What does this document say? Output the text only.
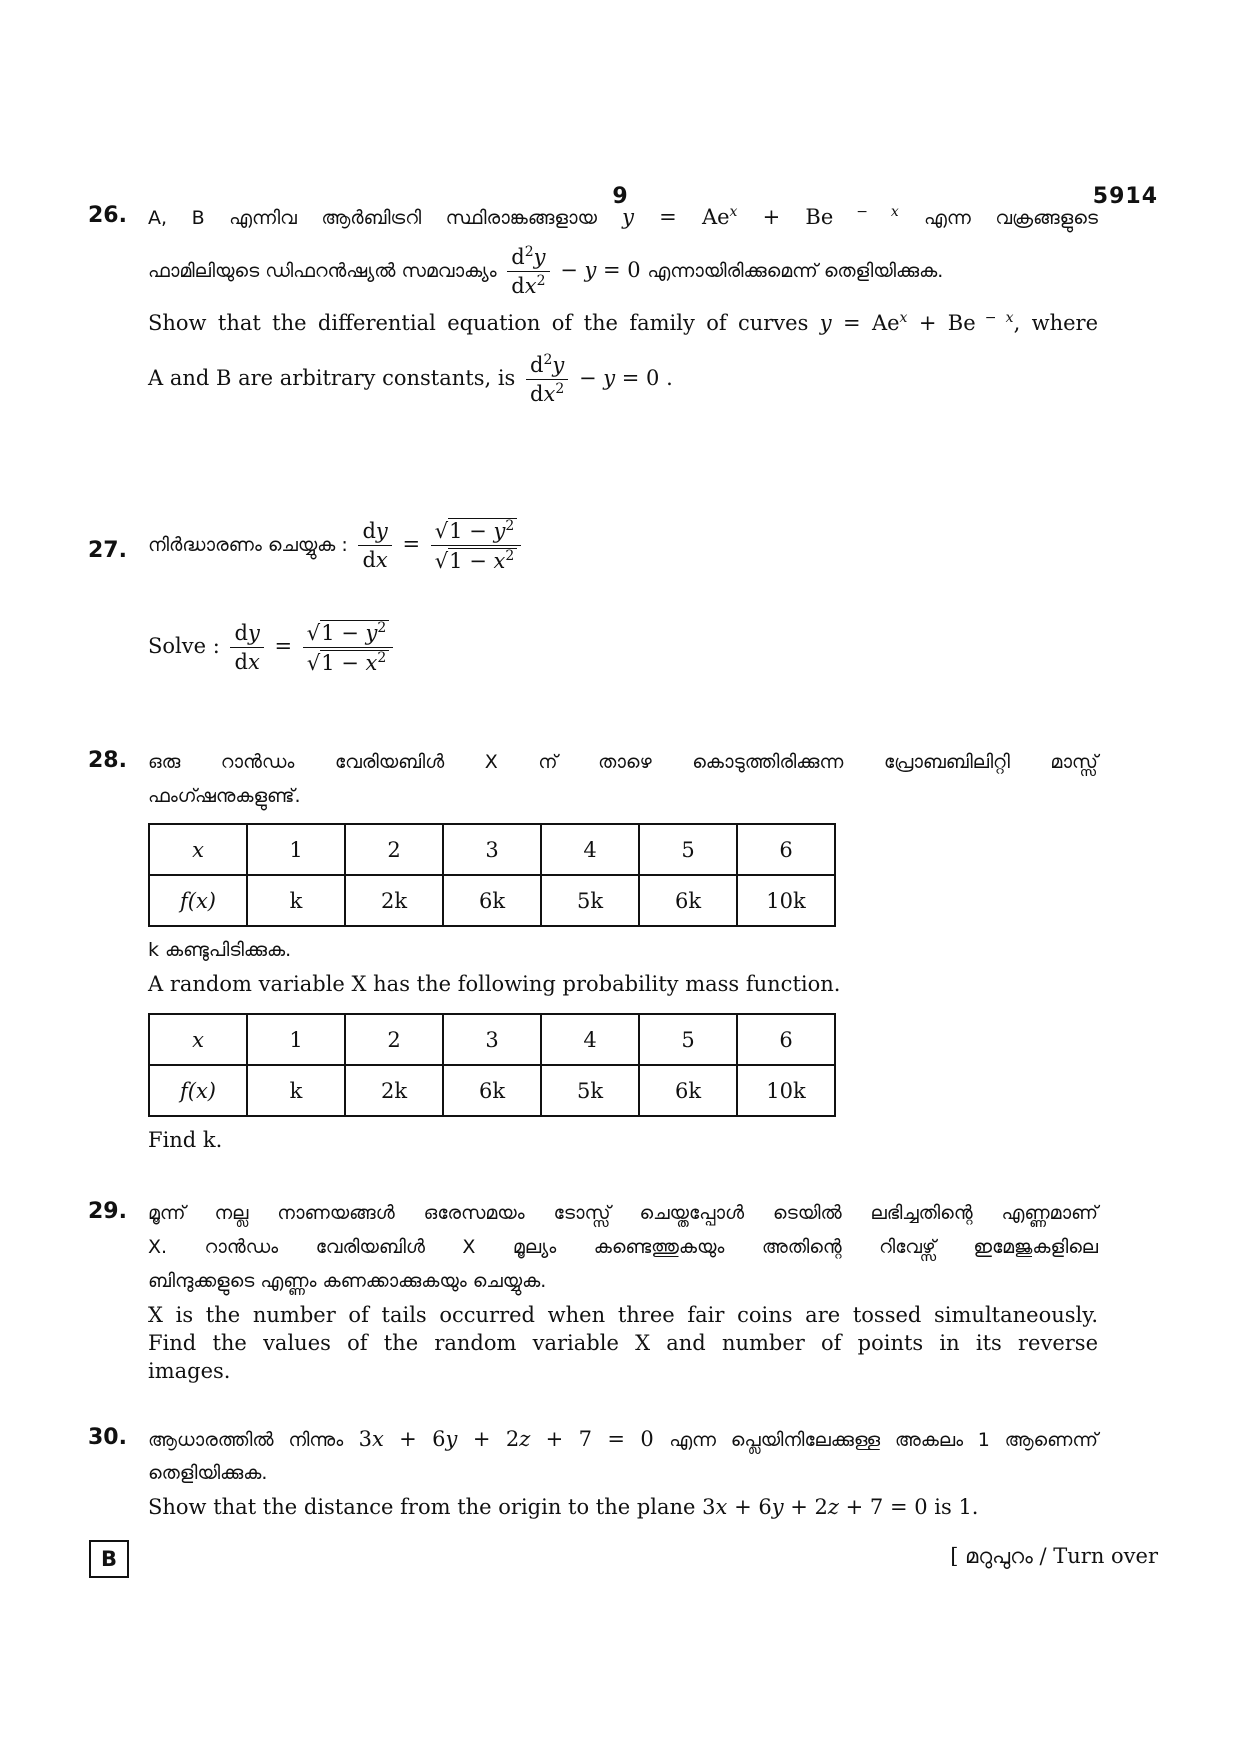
9	5914
26. A, B എന്നിവ ആർബിട്രറി സ്ഥിരാങ്കങ്ങളായ $y = Ae^x + Be$ $^{- x}$ എന്ന വക്രങ്ങളുടെ
ഫാമിലിയുടെ ഡിഫറൻഷ്യൽ സമവാക്യം $\frac{d^2y}{dx^2} - y = 0$ എന്നായിരിക്കുമെന്ന് തെളിയിക്കുക.
Show that the differential equation of the family of curves $y = Ae^x + Be$ $^{- x}$, where
A and B are arbitrary constants, is $\frac{d^2y}{dx^2} - y = 0$ .
27. നിർദ്ധാരണം ചെയ്യുക : $\frac{dy}{dx} = \frac{√1 - y^2}{√1 - x^2}$
Solve : $\frac{dy}{dx} = \frac{√1 - y^2}{√1 - x^2}$
28. ഒരു റാൻഡം വേരിയബിൾ X ന് താഴെ കൊടുത്തിരിക്കുന്ന പ്രോബബിലിറ്റി മാസ്സ്
ഫംഗ്ഷനുകളുണ്ട്.
x	1	2	3	4	5	6
f(x)	k	2k	6k	5k	6k	10k
k കണ്ടുപിടിക്കുക.
A random variable X has the following probability mass function.
x	1	2	3	4	5	6
f(x)	k	2k	6k	5k	6k	10k
Find k.
29. മൂന്ന് നല്ല നാണയങ്ങൾ ഒരേസമയം ടോസ്സ് ചെയ്തപ്പോൾ ടെയിൽ ലഭിച്ചതിന്റെ എണ്ണമാണ്
X. റാൻഡം വേരിയബിൾ X മൂല്യം കണ്ടെത്തുകയും അതിന്റെ റിവേഴ്സ് ഇമേജുകളിലെ
ബിന്ദുക്കളുടെ എണ്ണം കണക്കാക്കുകയും ചെയ്യുക.
X is the number of tails occurred when three fair coins are tossed simultaneously.
Find the values of the random variable X and number of points in its reverse
images.
30. ആധാരത്തിൽ നിന്നും 3x + 6y + 2z + 7 = 0 എന്ന പ്ലെയിനിലേക്കുള്ള അകലം 1 ആണെന്ന്
തെളിയിക്കുക.
Show that the distance from the origin to the plane 3x + 6y + 2z + 7 = 0 is 1.
B	[ മറുപുറം / Turn over
